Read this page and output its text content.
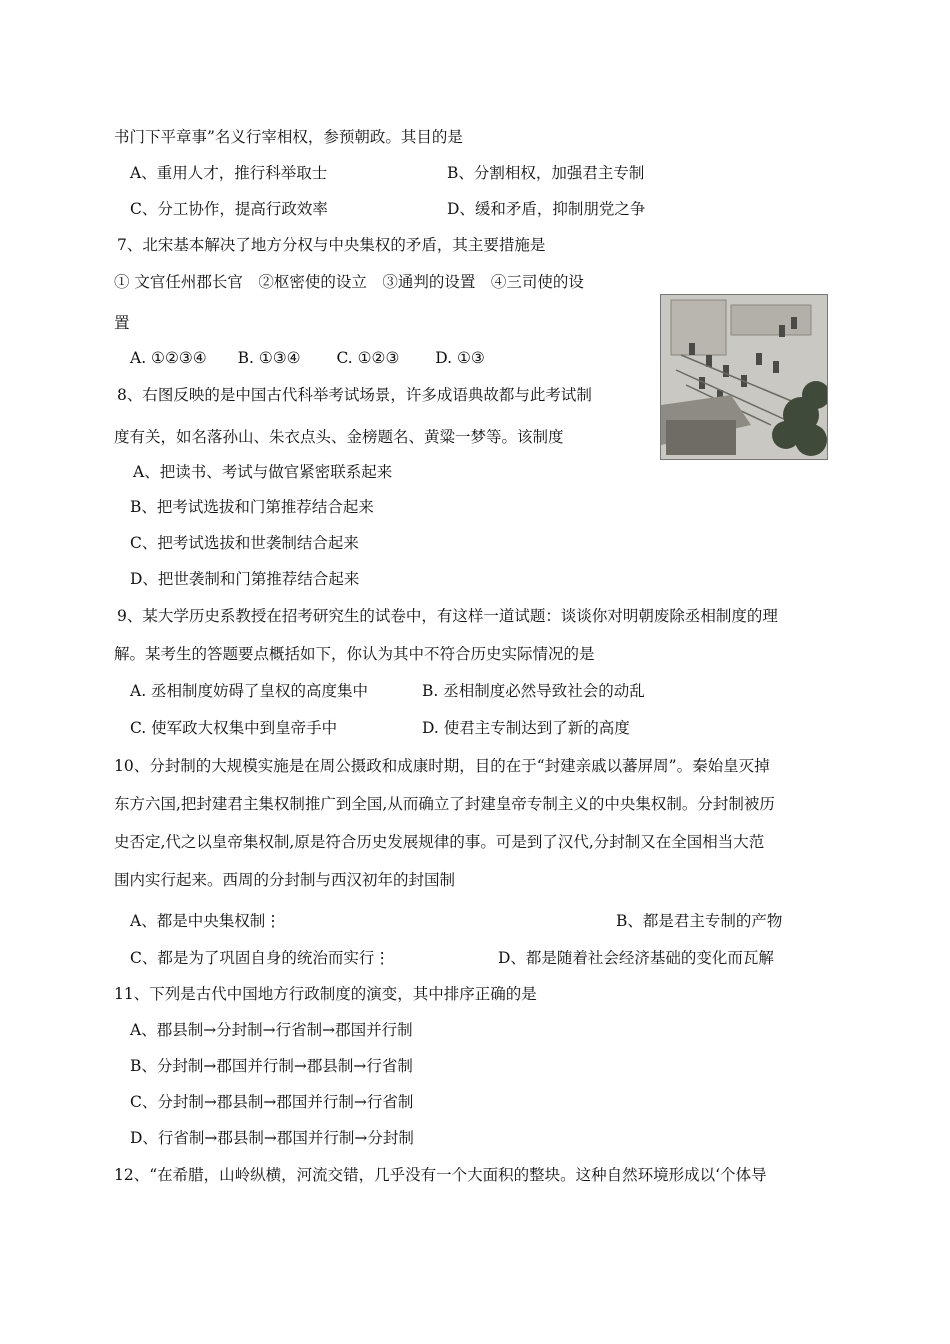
书门下平章事”名义行宰相权，参预朝政。其目的是
A、重用人才，推行科举取士	B、分割相权，加强君主专制
C、分工协作，提高行政效率	D、缓和矛盾，抑制朋党之争
7、北宋基本解决了地方分权与中央集权的矛盾，其主要措施是
① 文官任州郡长官　②枢密使的设立　③通判的设置　④三司使的设
置
A. ①②③④　　B. ①③④　　 C. ①②③　　 D. ①③
8、右图反映的是中国古代科举考试场景，许多成语典故都与此考试制
度有关，如名落孙山、朱衣点头、金榜题名、黄粱一梦等。该制度
A、把读书、考试与做官紧密联系起来
B、把考试选拔和门第推荐结合起来
C、把考试选拔和世袭制结合起来
D、把世袭制和门第推荐结合起来
9、某大学历史系教授在招考研究生的试卷中，有这样一道试题：谈谈你对明朝废除丞相制度的理
解。某考生的答题要点概括如下，你认为其中不符合历史实际情况的是
A. 丞相制度妨碍了皇权的高度集中	B. 丞相制度必然导致社会的动乱
C. 使军政大权集中到皇帝手中	D. 使君主专制达到了新的高度
10、分封制的大规模实施是在周公摄政和成康时期，目的在于“封建亲戚以蕃屏周”。秦始皇灭掉
东方六国,把封建君主集权制推广到全国,从而确立了封建皇帝专制主义的中央集权制。分封制被历
史否定,代之以皇帝集权制,原是符合历史发展规律的事。可是到了汉代,分封制又在全国相当大范
围内实行起来。西周的分封制与西汉初年的封国制
A、都是中央集权制⋮	B、都是君主专制的产物
C、都是为了巩固自身的统治而实行⋮	D、都是随着社会经济基础的变化而瓦解
11、下列是古代中国地方行政制度的演变，其中排序正确的是
A、郡县制→分封制→行省制→郡国并行制
B、分封制→郡国并行制→郡县制→行省制
C、分封制→郡县制→郡国并行制→行省制
D、行省制→郡县制→郡国并行制→分封制
12、“在希腊，山岭纵横，河流交错，几乎没有一个大面积的整块。这种自然环境形成以‘个体导
